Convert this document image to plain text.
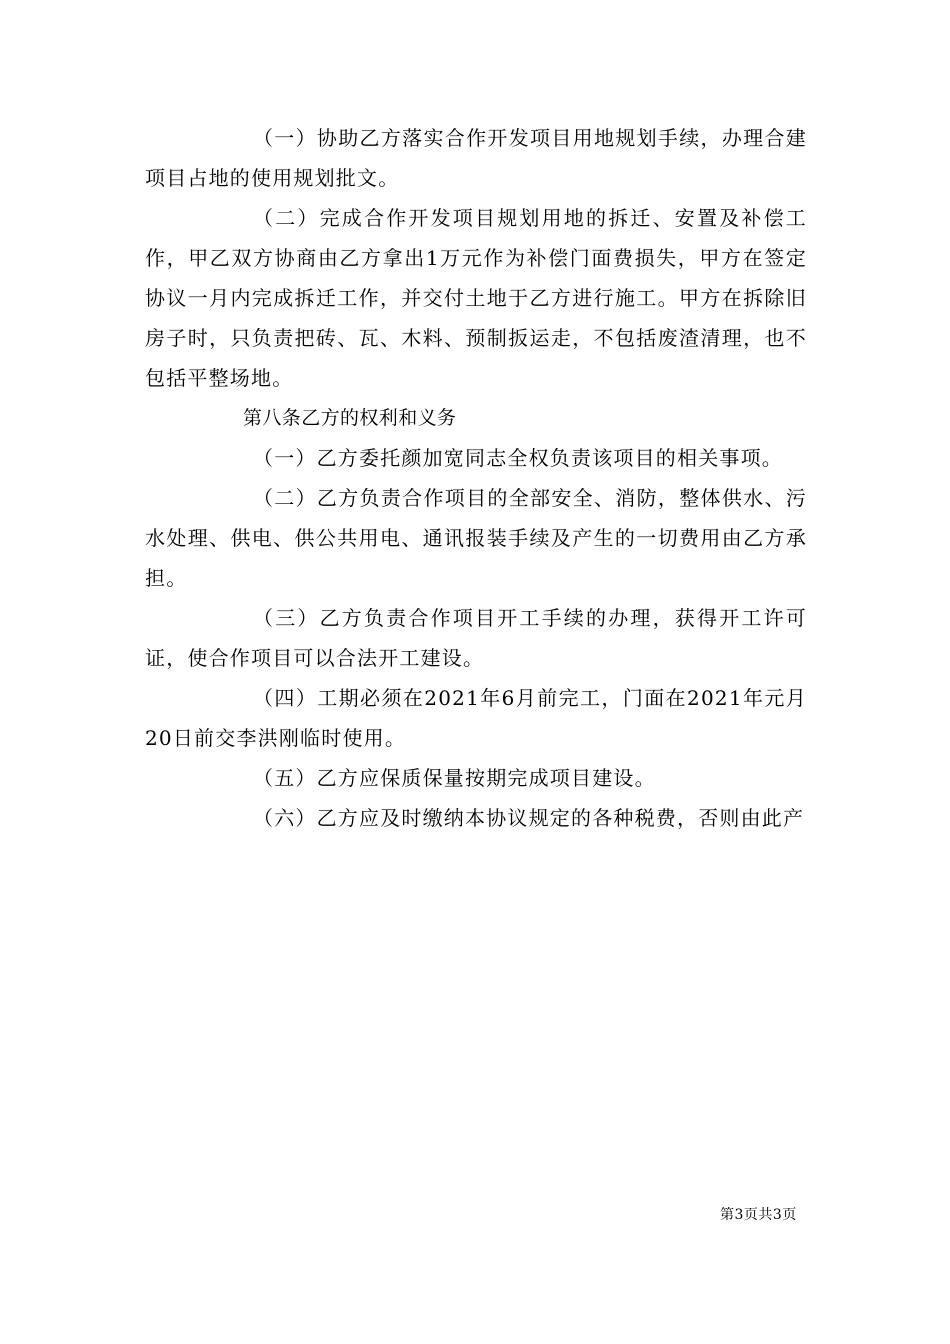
（一）协助乙方落实合作开发项目用地规划手续，办理合建项目占地的使用规划批文。

（二）完成合作开发项目规划用地的拆迁、安置及补偿工作，甲乙双方协商由乙方拿出1万元作为补偿门面费损失，甲方在签定协议一月内完成拆迁工作，并交付土地于乙方进行施工。甲方在拆除旧房子时，只负责把砖、瓦、木料、预制扳运走，不包括废渣清理，也不包括平整场地。

第八条乙方的权利和义务

（一）乙方委托颜加宽同志全权负责该项目的相关事项。

（二）乙方负责合作项目的全部安全、消防，整体供水、污水处理、供电、供公共用电、通讯报装手续及产生的一切费用由乙方承担。

（三）乙方负责合作项目开工手续的办理，获得开工许可证，使合作项目可以合法开工建设。

（四）工期必须在2021年6月前完工，门面在2021年元月20日前交李洪刚临时使用。

（五）乙方应保质保量按期完成项目建设。

（六）乙方应及时缴纳本协议规定的各种税费，否则由此产

第3页共3页
